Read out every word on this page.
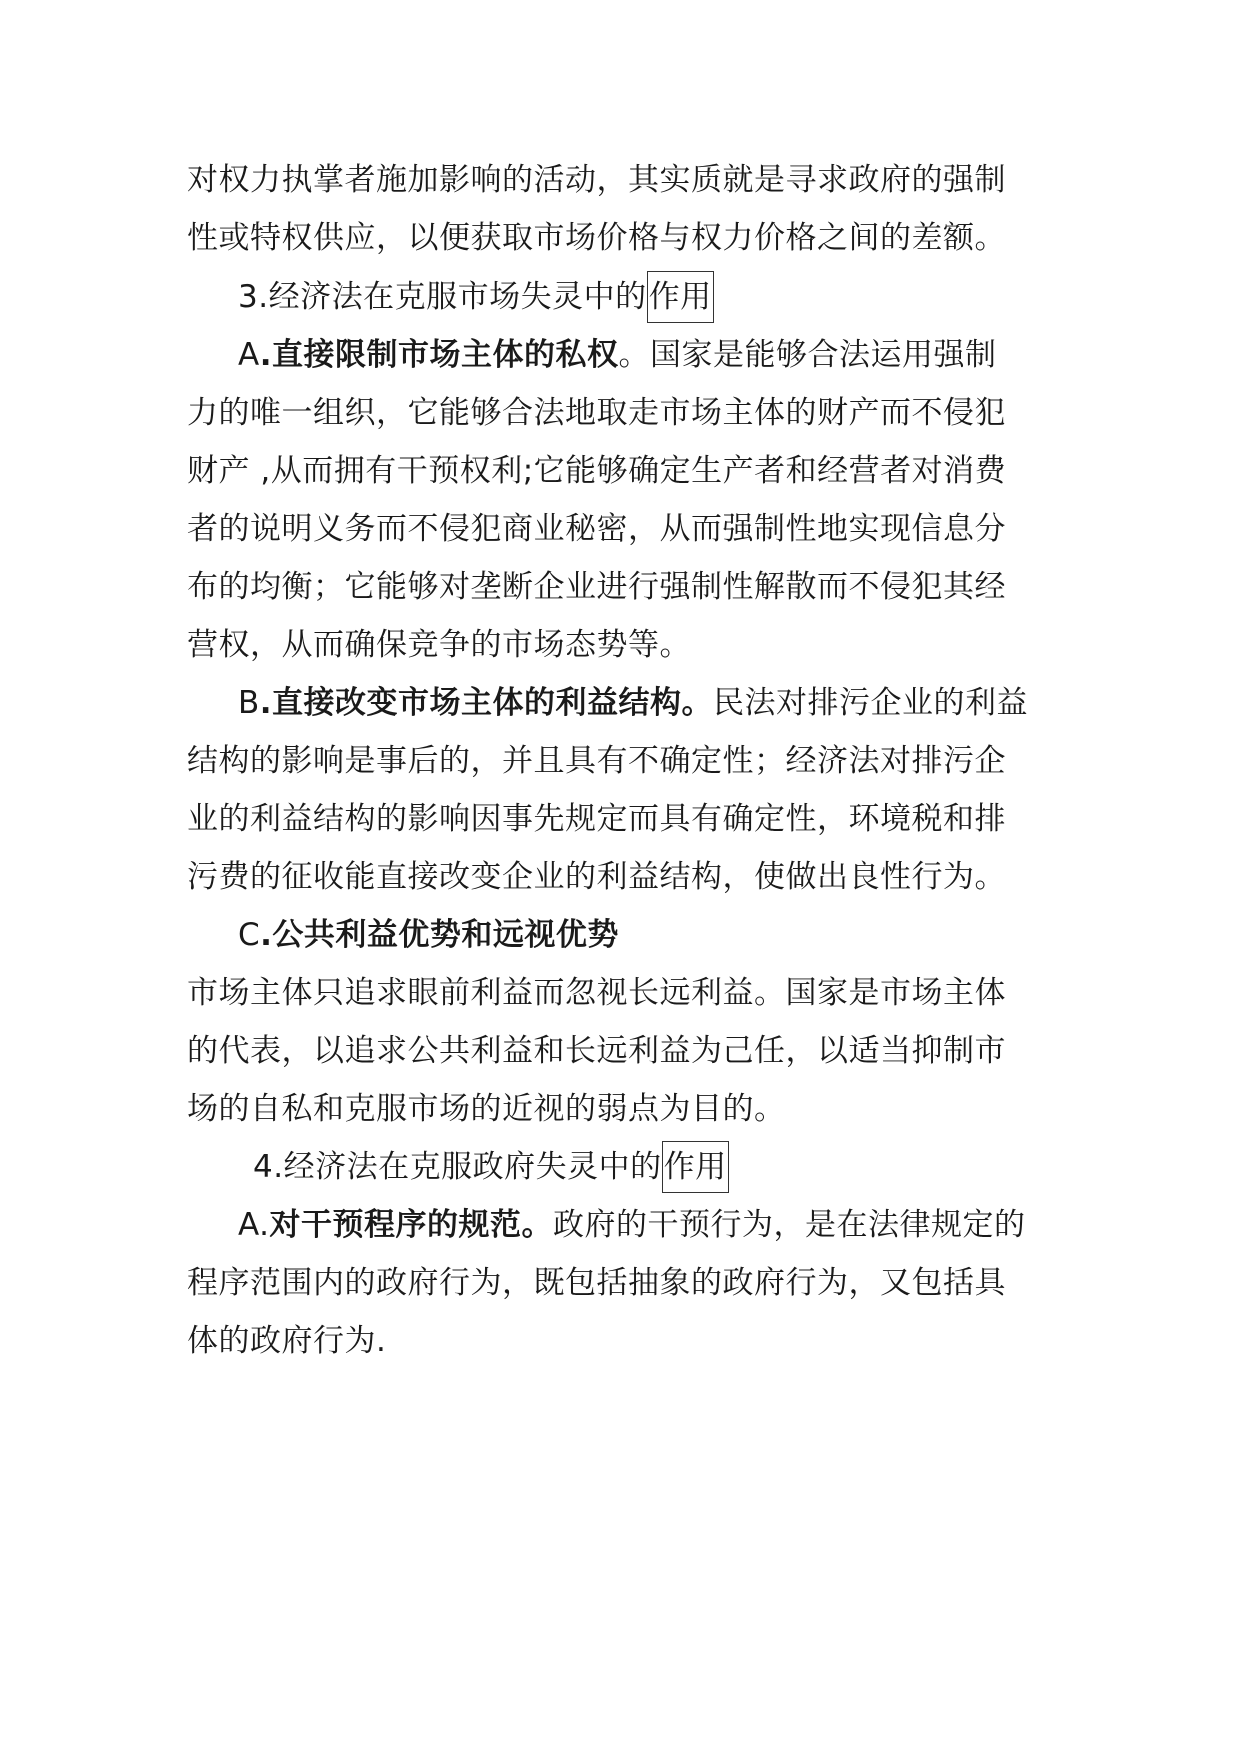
对权力执掌者施加影响的活动，其实质就是寻求政府的强制
性或特权供应，以便获取市场价格与权力价格之间的差额。
3.经济法在克服市场失灵中的作用
A.直接限制市场主体的私权。国家是能够合法运用强制
力的唯一组织，它能够合法地取走市场主体的财产而不侵犯
财产 ,从而拥有干预权利;它能够确定生产者和经营者对消费
者的说明义务而不侵犯商业秘密，从而强制性地实现信息分
布的均衡；它能够对垄断企业进行强制性解散而不侵犯其经
营权，从而确保竞争的市场态势等。
B.直接改变市场主体的利益结构。民法对排污企业的利益
结构的影响是事后的，并且具有不确定性；经济法对排污企
业的利益结构的影响因事先规定而具有确定性，环境税和排
污费的征收能直接改变企业的利益结构，使做出良性行为。
C.公共利益优势和远视优势
市场主体只追求眼前利益而忽视长远利益。国家是市场主体
的代表，以追求公共利益和长远利益为己任，以适当抑制市
场的自私和克服市场的近视的弱点为目的。
4.经济法在克服政府失灵中的作用
A.对干预程序的规范。政府的干预行为，是在法律规定的
程序范围内的政府行为，既包括抽象的政府行为，又包括具
体的政府行为.
